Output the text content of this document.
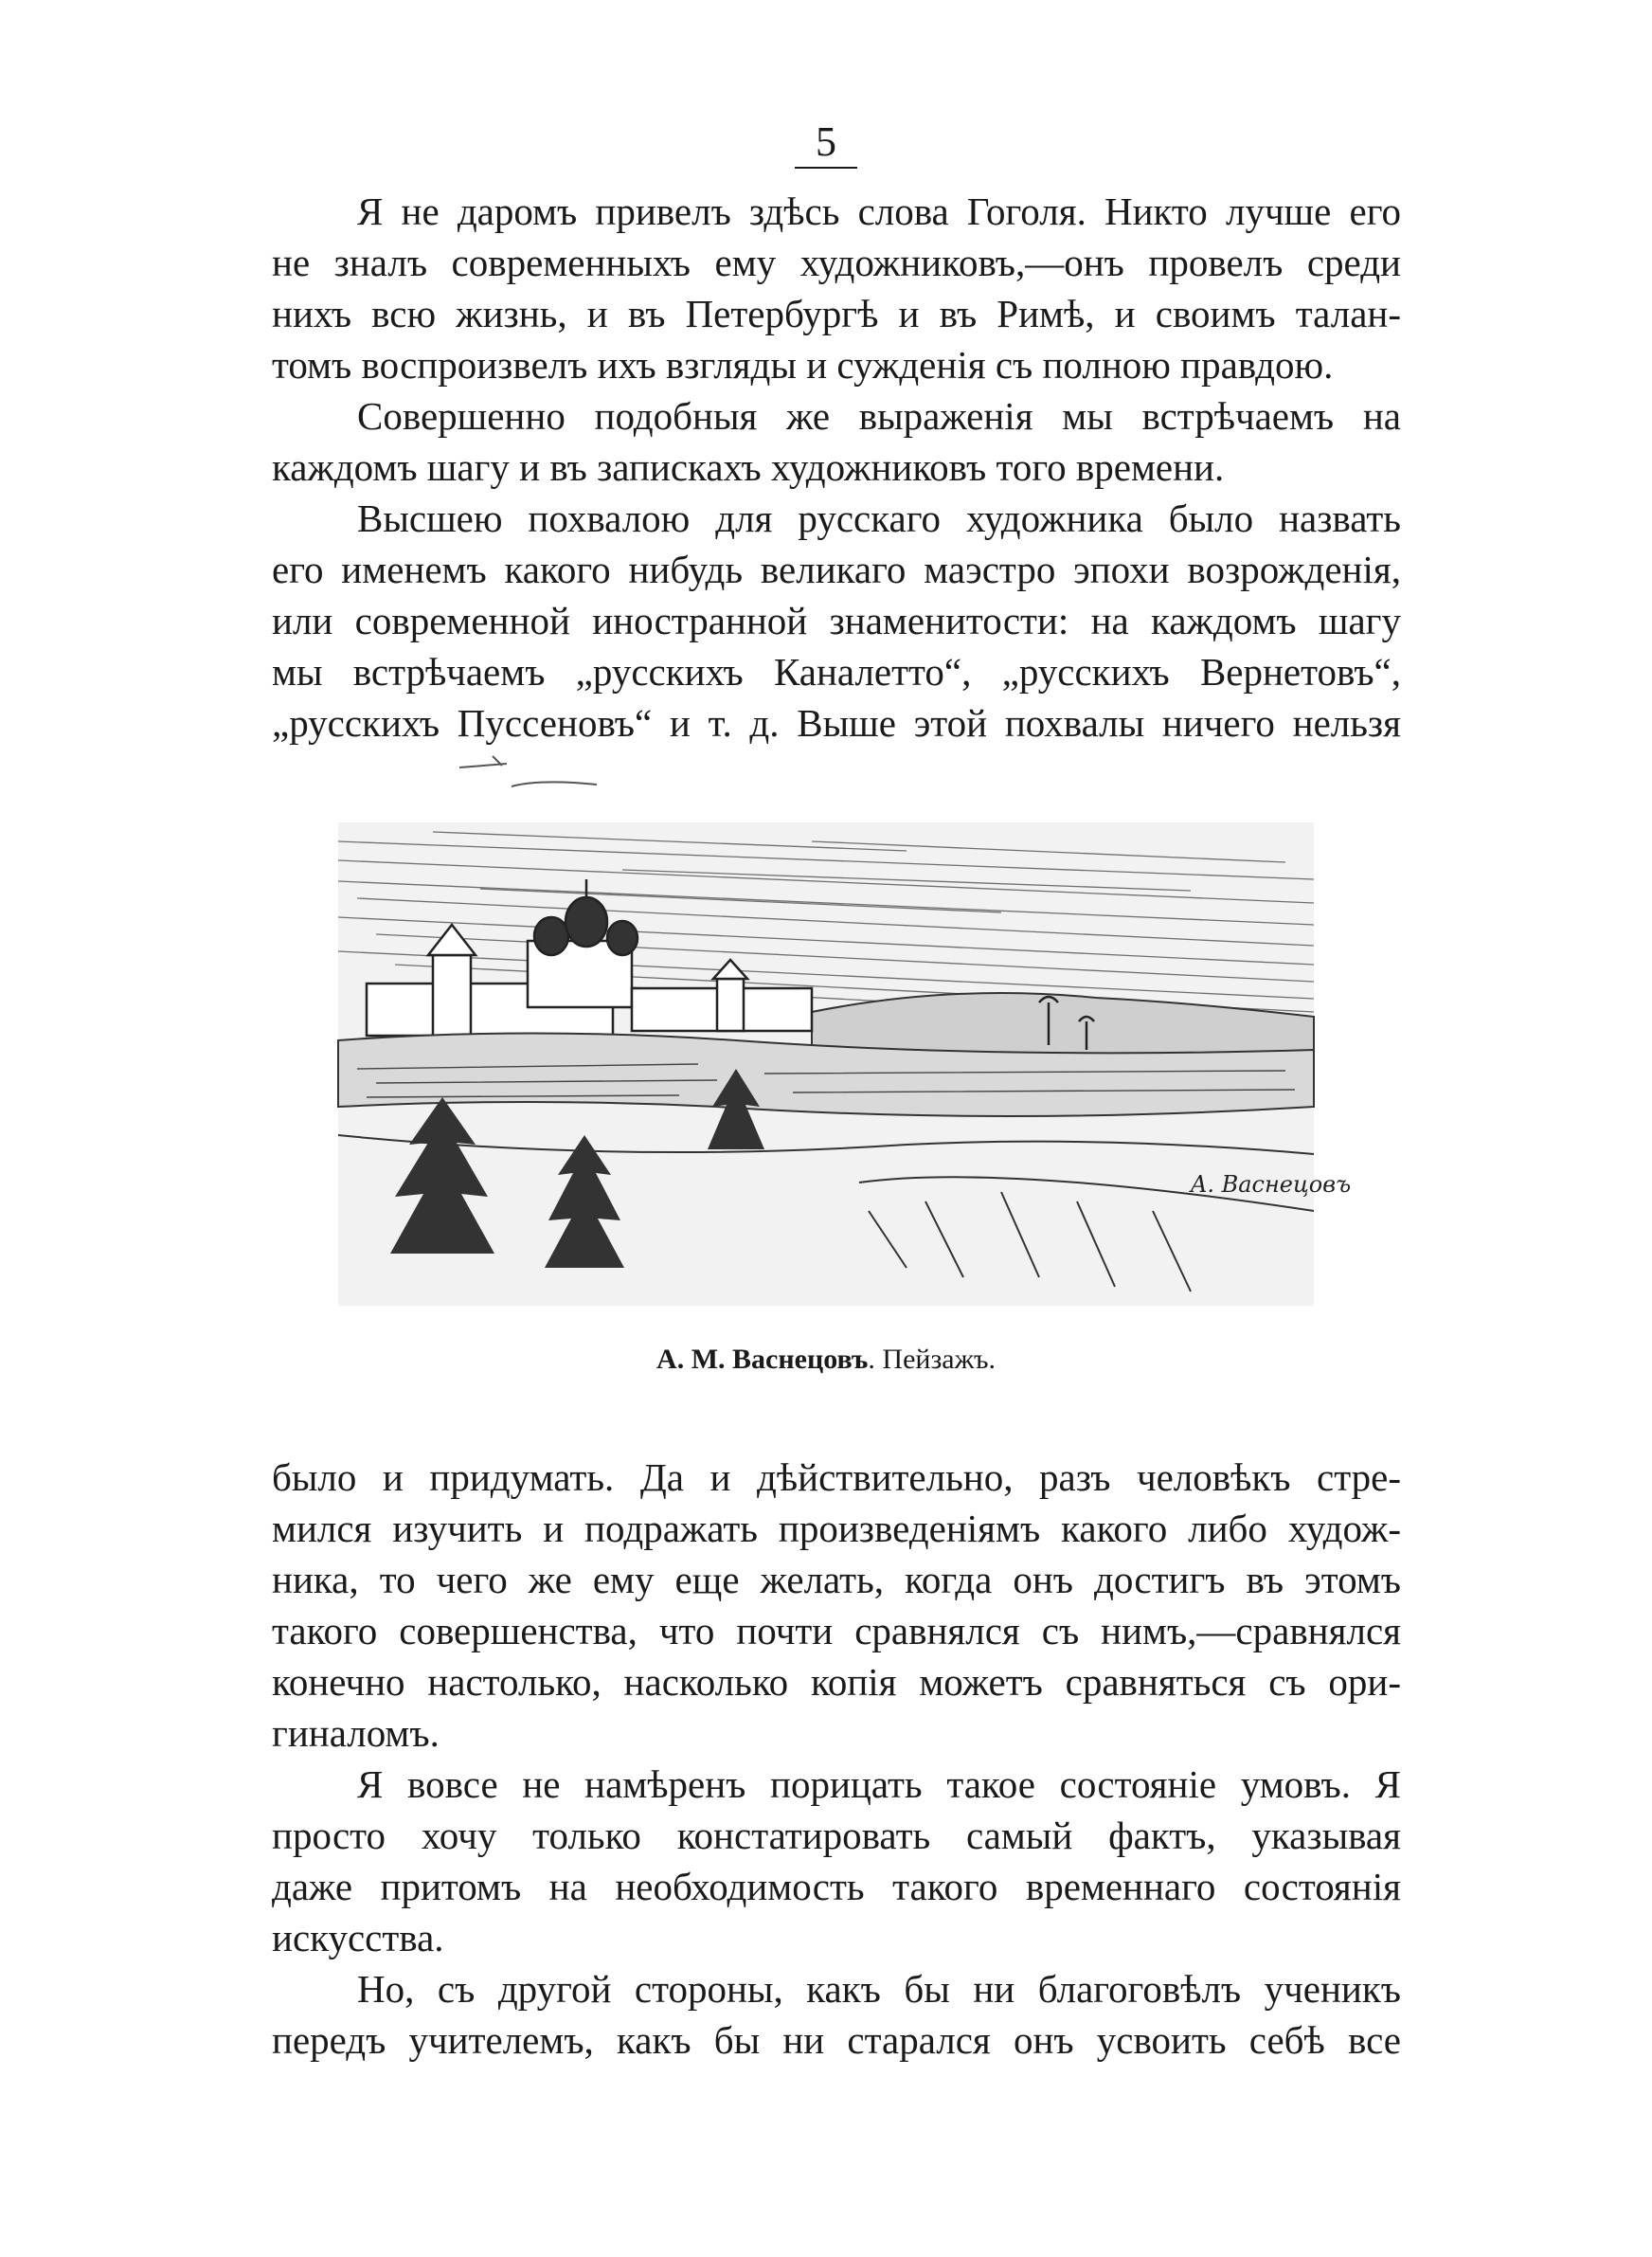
5

Я не даромъ привелъ здѣсь слова Гоголя. Никто лучше его

не зналъ современныхъ ему художниковъ,—онъ провелъ среди

нихъ всю жизнь, и въ Петербургѣ и въ Римѣ, и своимъ талан-

томъ воспроизвелъ ихъ взгляды и сужденія съ полною правдою.

Совершенно подобныя же выраженія мы встрѣчаемъ на

каждомъ шагу и въ запискахъ художниковъ того времени.

Высшею похвалою для русскаго художника было назвать

его именемъ какого нибудь великаго маэстро эпохи возрожденія,

или современной иностранной знаменитости: на каждомъ шагу

мы встрѣчаемъ „русскихъ Каналетто“, „русскихъ Вернетовъ“,

„русскихъ Пуссеновъ“ и т. д. Выше этой похвалы ничего нельзя

A. Васнецовъ
А. М. Васнецовъ. Пейзажъ.

было и придумать. Да и дѣйствительно, разъ человѣкъ стре-

мился изучить и подражать произведеніямъ какого либо худож-

ника, то чего же ему еще желать, когда онъ достигъ въ этомъ

такого совершенства, что почти сравнялся съ нимъ,—сравнялся

конечно настолько, насколько копія можетъ сравняться съ ори-

гиналомъ.

Я вовсе не намѣренъ порицать такое состояніе умовъ. Я

просто хочу только констатировать самый фактъ, указывая

даже притомъ на необходимость такого временнаго состоянія

искусства.

Но, съ другой стороны, какъ бы ни благоговѣлъ ученикъ

передъ учителемъ, какъ бы ни старался онъ усвоить себѣ все
